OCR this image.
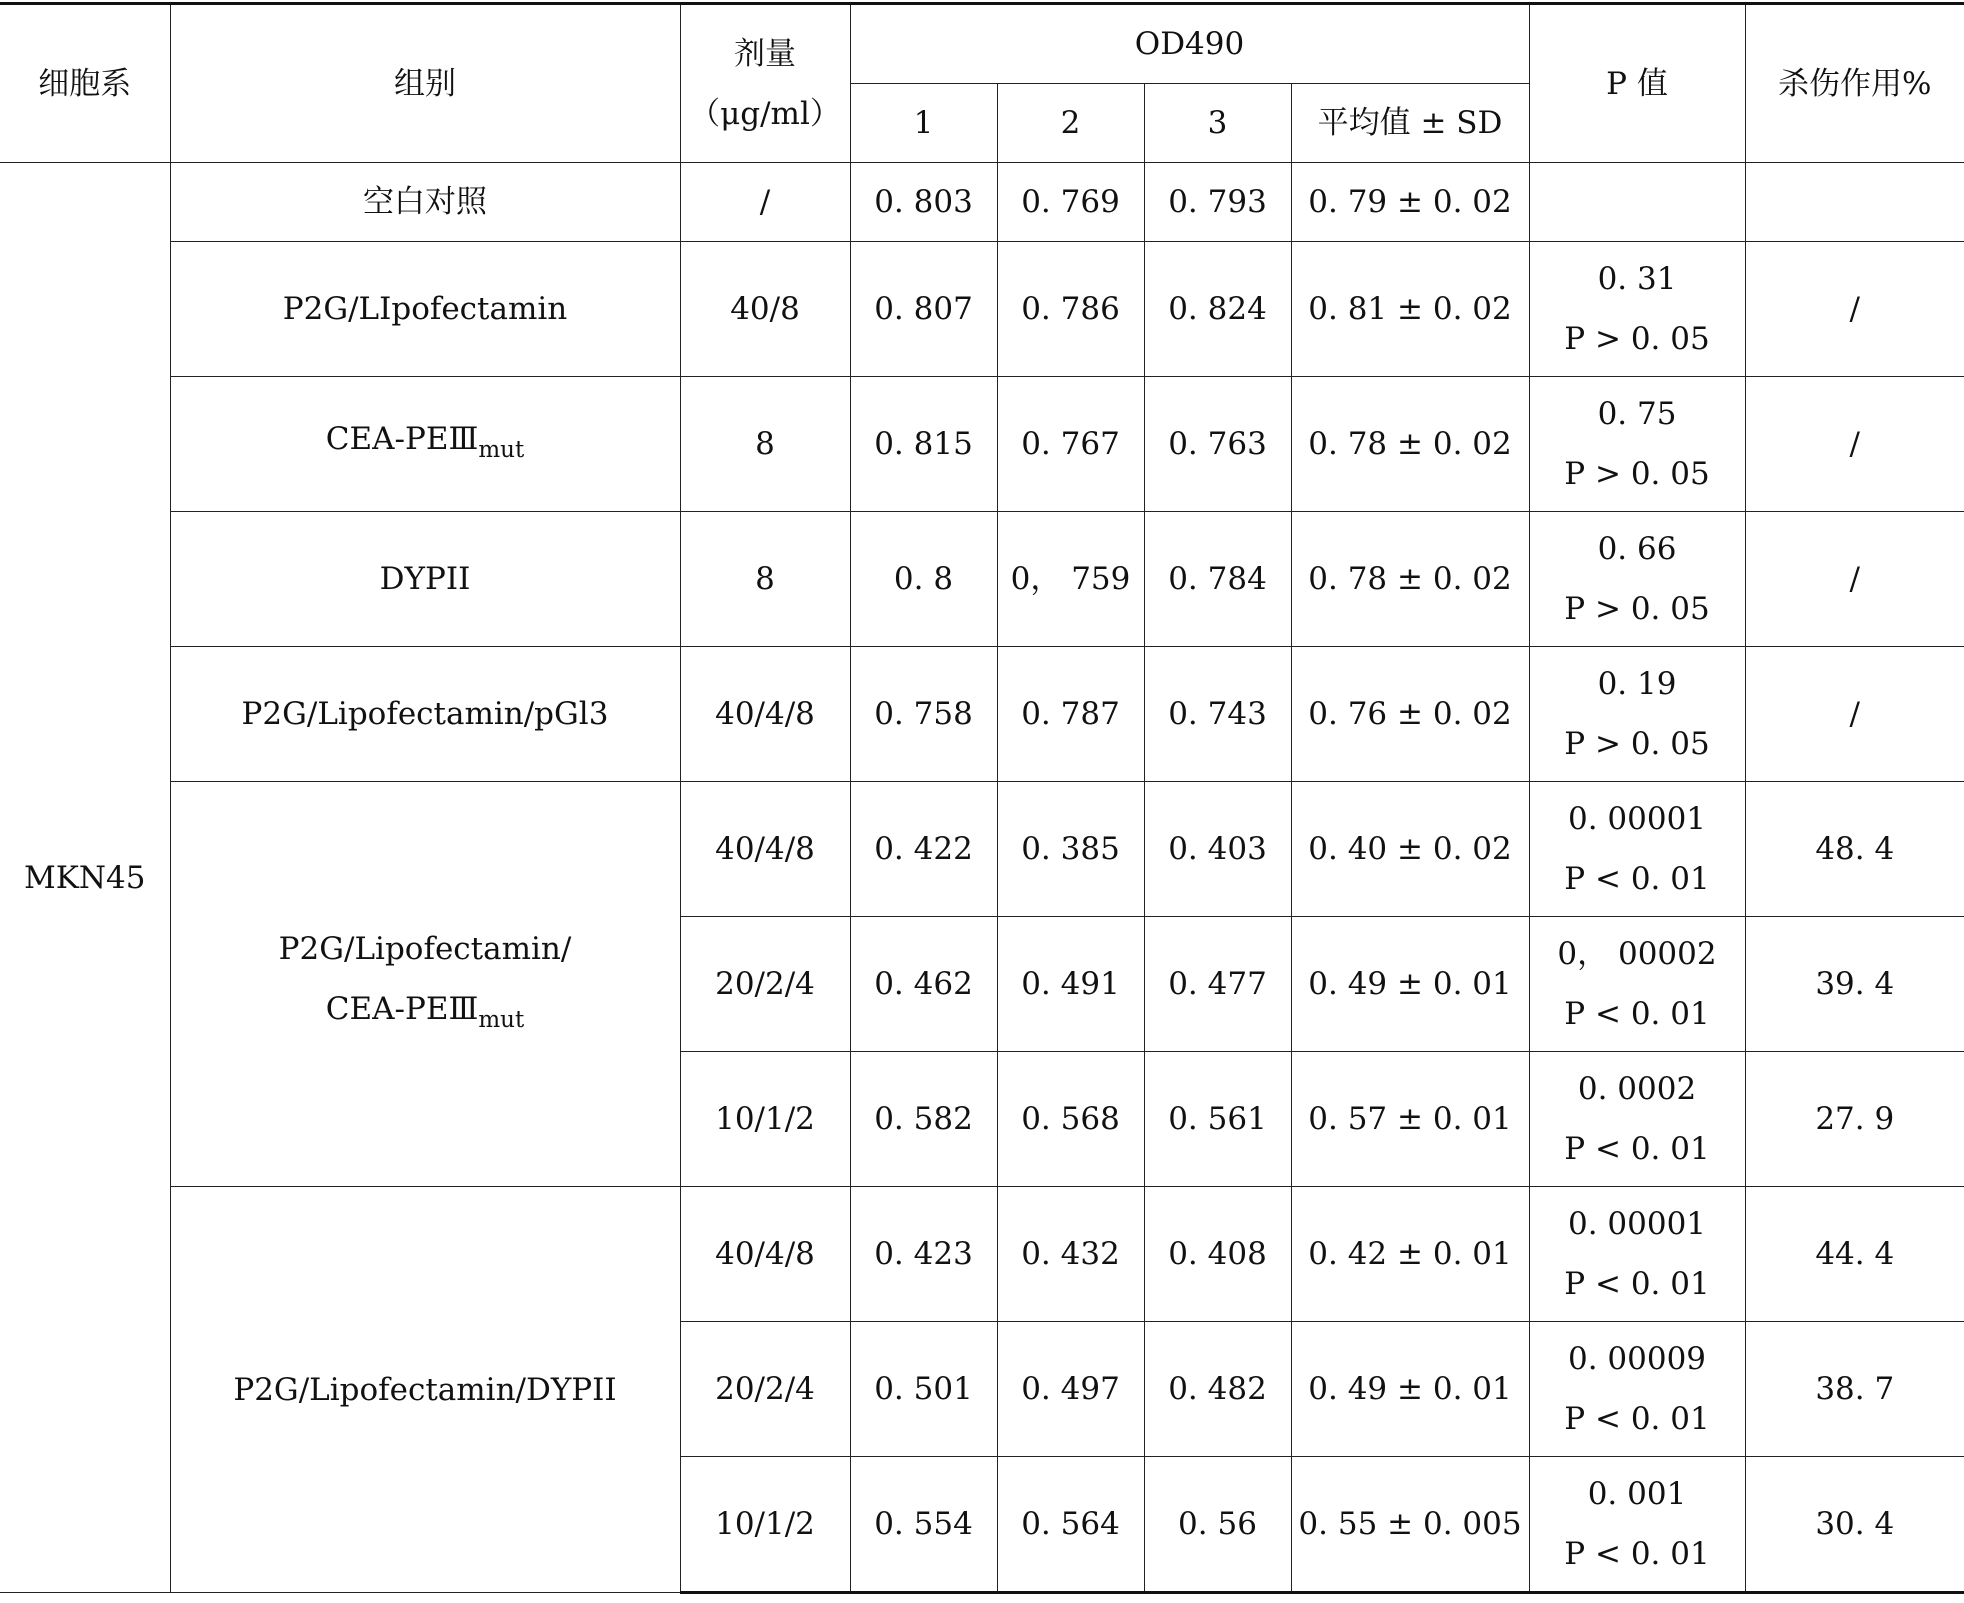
细胞系	组别	剂量
（μg/ml）	OD490				P 值	杀伤作用%
			1	2	3	平均值 ± SD		
MKN45	空白对照	/	0. 803	0. 769	0. 793	0. 79 ± 0. 02		
	P2G/LIpofectamin	40/8	0. 807	0. 786	0. 824	0. 81 ± 0. 02	0. 31
P > 0. 05	/
	CEA-$PEⅢ_{mut}$	8	0. 815	0. 767	0. 763	0. 78 ± 0. 02	0. 75
P > 0. 05	/
	DYPII	8	0. 8	0， 759	0. 784	0. 78 ± 0. 02	0. 66
P > 0. 05	/
	P2G/Lipofectamin/pGl3	40/4/8	0. 758	0. 787	0. 743	0. 76 ± 0. 02	0. 19
P > 0. 05	/

	P2G/Lipofectamin/
CEA-$PEⅢ_{mut}$	40/4/8	0. 422	0. 385	0. 403	0. 40 ± 0. 02	0. 00001
P < 0. 01	48. 4
		20/2/4	0. 462	0. 491	0. 477	0. 49 ± 0. 01	0， 00002
P < 0. 01	39. 4
		10/1/2	0. 582	0. 568	0. 561	0. 57 ± 0. 01	0. 0002
P < 0. 01	27. 9
	P2G/Lipofectamin/DYPII	40/4/8	0. 423	0. 432	0. 408	0. 42 ± 0. 01	0. 00001
P < 0. 01	44. 4
		20/2/4	0. 501	0. 497	0. 482	0. 49 ± 0. 01	0. 00009
P < 0. 01	38. 7
		10/1/2	0. 554	0. 564	0. 56	0. 55 ± 0. 005	0. 001
P < 0. 01	30. 4
